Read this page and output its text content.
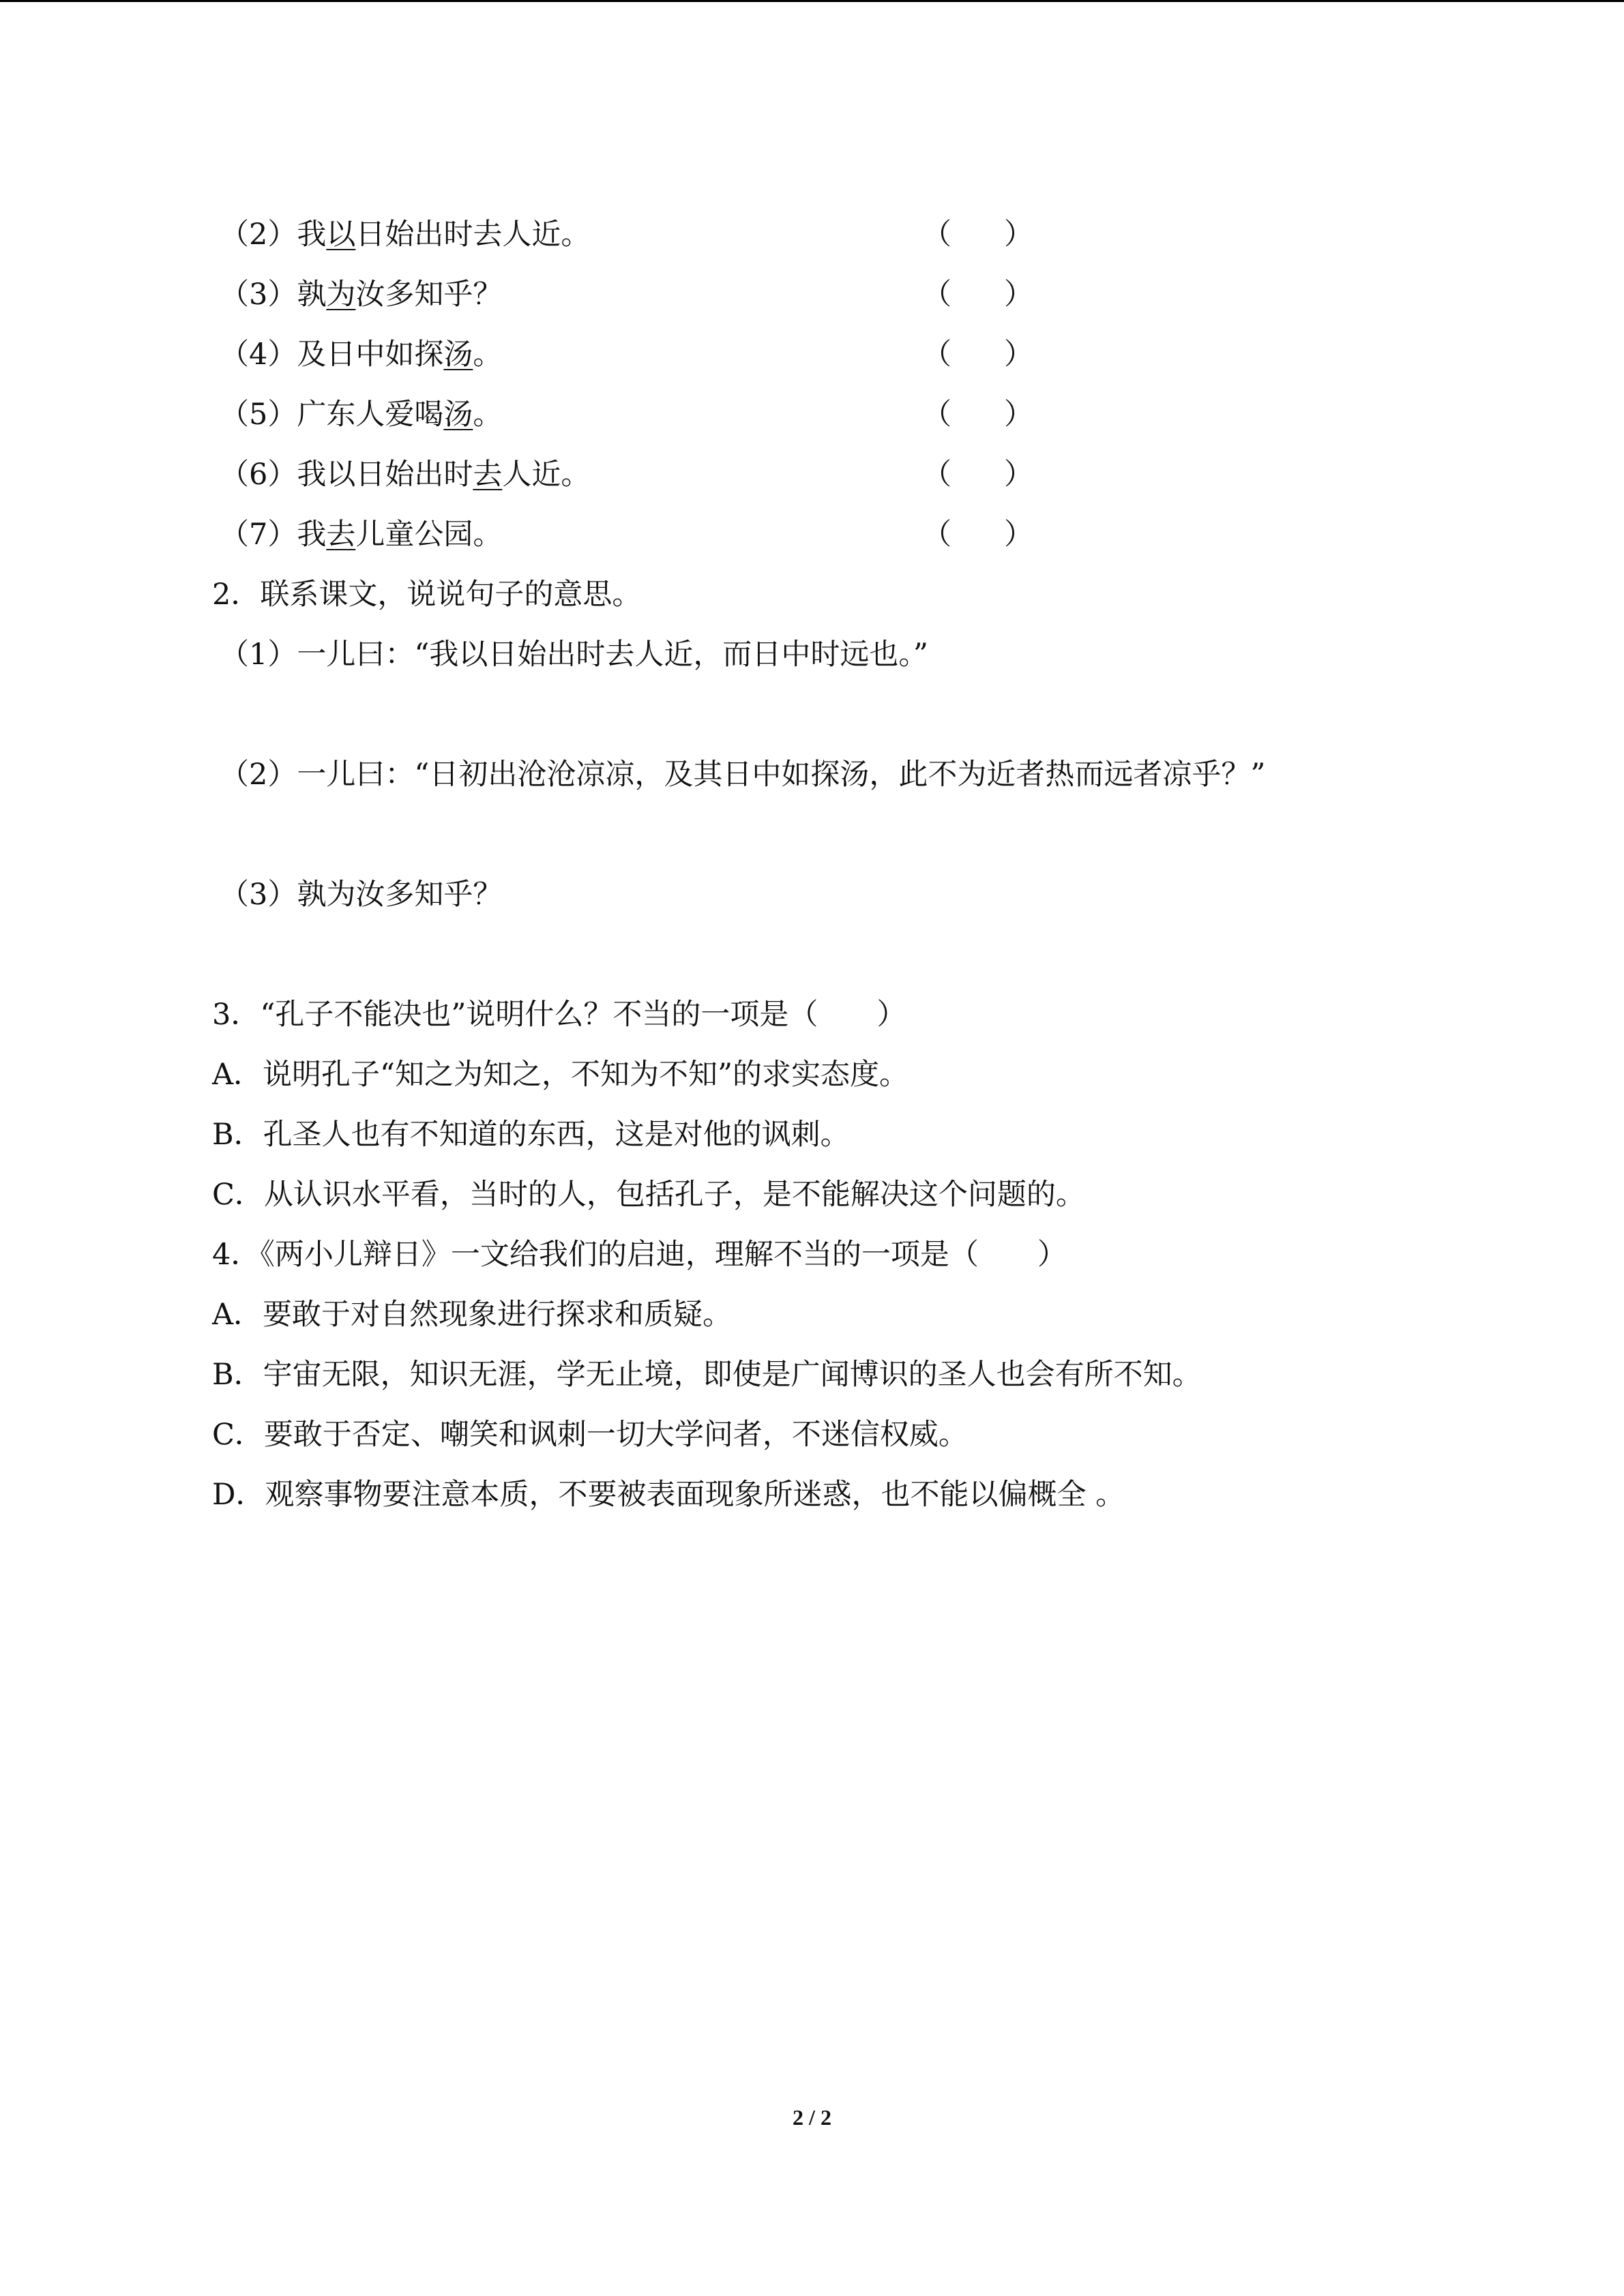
（2）我以日始出时去人近。	（ ）
（3）孰为汝多知乎？	（ ）
（4）及日中如探汤。	（ ）
（5）广东人爱喝汤。	（ ）
（6）我以日始出时去人近。	（ ）
（7）我去儿童公园。	（ ）
2．联系课文，说说句子的意思。
（1）一儿曰：“我以日始出时去人近，而日中时远也。”
（2）一儿曰：“日初出沧沧凉凉，及其日中如探汤，此不为近者热而远者凉乎？”
（3）孰为汝多知乎？
3．“孔子不能决也”说明什么？不当的一项是（　　）
A．说明孔子“知之为知之，不知为不知”的求实态度。
B．孔圣人也有不知道的东西，这是对他的讽刺。
C．从认识水平看，当时的人，包括孔子，是不能解决这个问题的。
4．《两小儿辩日》一文给我们的启迪，理解不当的一项是（　　）
A．要敢于对自然现象进行探求和质疑。
B．宇宙无限，知识无涯，学无止境，即使是广闻博识的圣人也会有所不知。
C．要敢于否定、嘲笑和讽刺一切大学问者，不迷信权威。
D．观察事物要注意本质，不要被表面现象所迷惑，也不能以偏概全 。
2 / 2
